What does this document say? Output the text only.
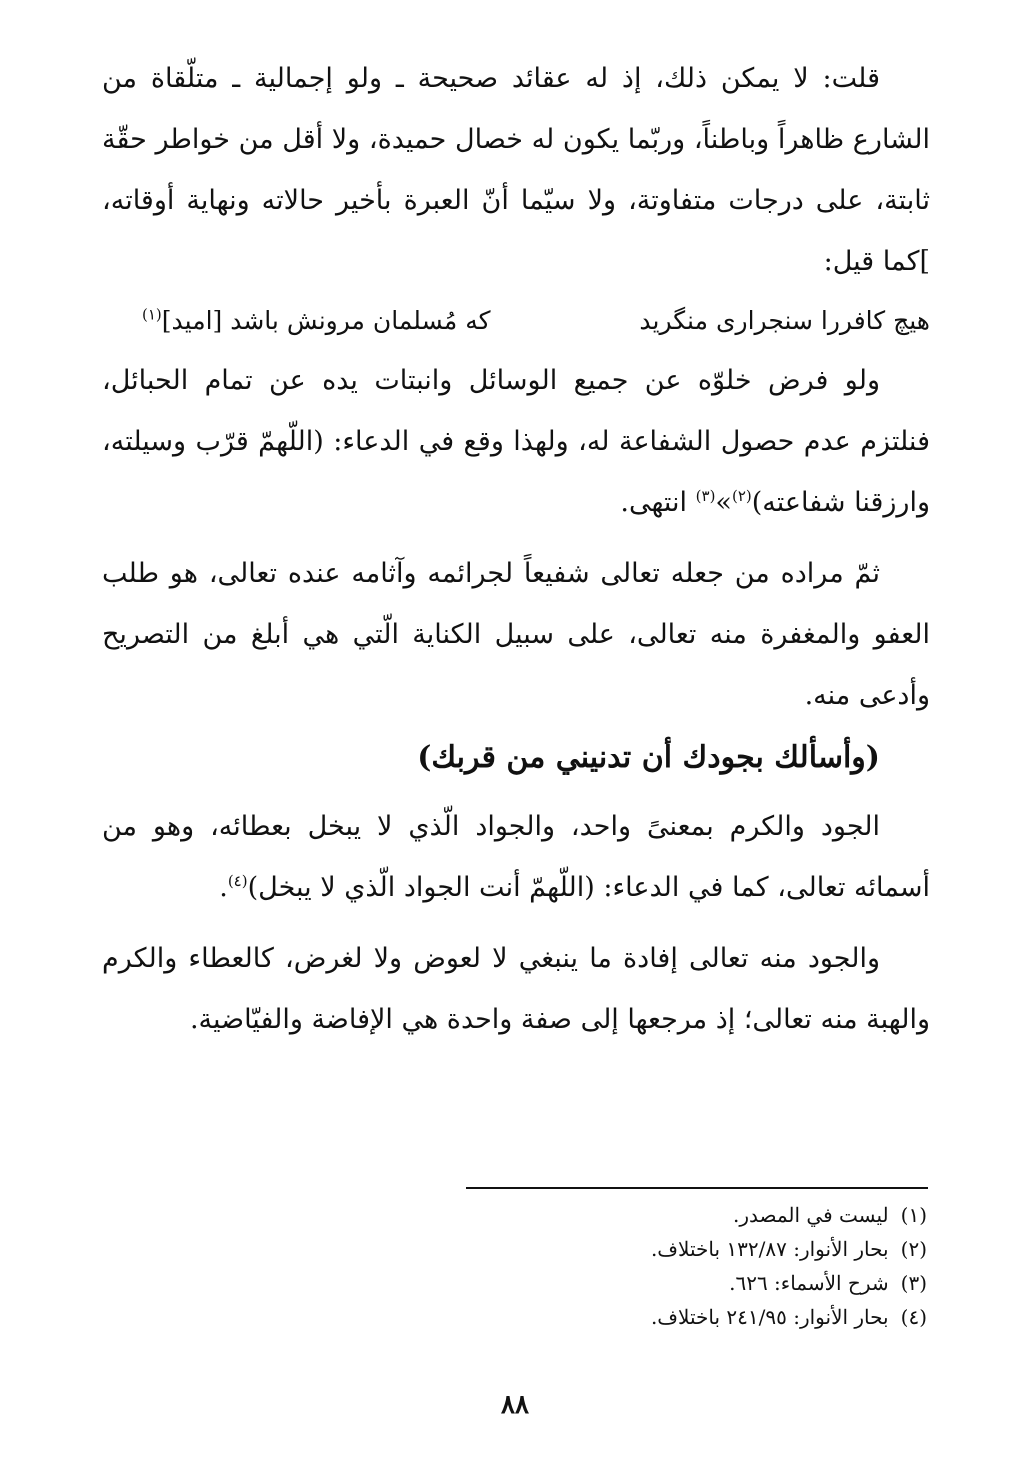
قلت: لا يمكن ذلك، إذ له عقائد صحيحة ـ ولو إجمالية ـ متلّقاة من الشارع ظاهراً وباطناً، وربّما يكون له خصال حميدة، ولا أقل من خواطر حقّة ثابتة، على درجات متفاوتة، ولا سيّما أنّ العبرة بأخير حالاته ونهاية أوقاته، ]كما قيل:

هيچ كافررا سنجرارى منگريد
كه مُسلمان مرونش باشد [اميد]$^{(١)}$

ولو فرض خلوّه عن جميع الوسائل وانبتات يده عن تمام الحبائل، فنلتزم عدم حصول الشفاعة له، ولهذا وقع في الدعاء: (اللّهمّ قرّب وسيلته، وارزقنا شفاعته)$^{(٢)}$»$^{(٣)}$ انتهى.

ثمّ مراده من جعله تعالى شفيعاً لجرائمه وآثامه عنده تعالى، هو طلب العفو والمغفرة منه تعالى، على سبيل الكناية الّتي هي أبلغ من التصريح وأدعى منه.

(وأسألك بجودك أن تدنيني من قربك)

الجود والكرم بمعنىً واحد، والجواد الّذي لا يبخل بعطائه، وهو من أسمائه تعالى، كما في الدعاء: (اللّهمّ أنت الجواد الّذي لا يبخل)$^{(٤)}$.

والجود منه تعالى إفادة ما ينبغي لا لعوض ولا لغرض، كالعطاء والكرم والهبة منه تعالى؛ إذ مرجعها إلى صفة واحدة هي الإفاضة والفيّاضية.

(١)
ليست في المصدر.
(٢)
بحار الأنوار: ١٣٢/٨٧ باختلاف.
(٣)
شرح الأسماء: ٦٢٦.
(٤)
بحار الأنوار: ٢٤١/٩٥ باختلاف.
٨٨
